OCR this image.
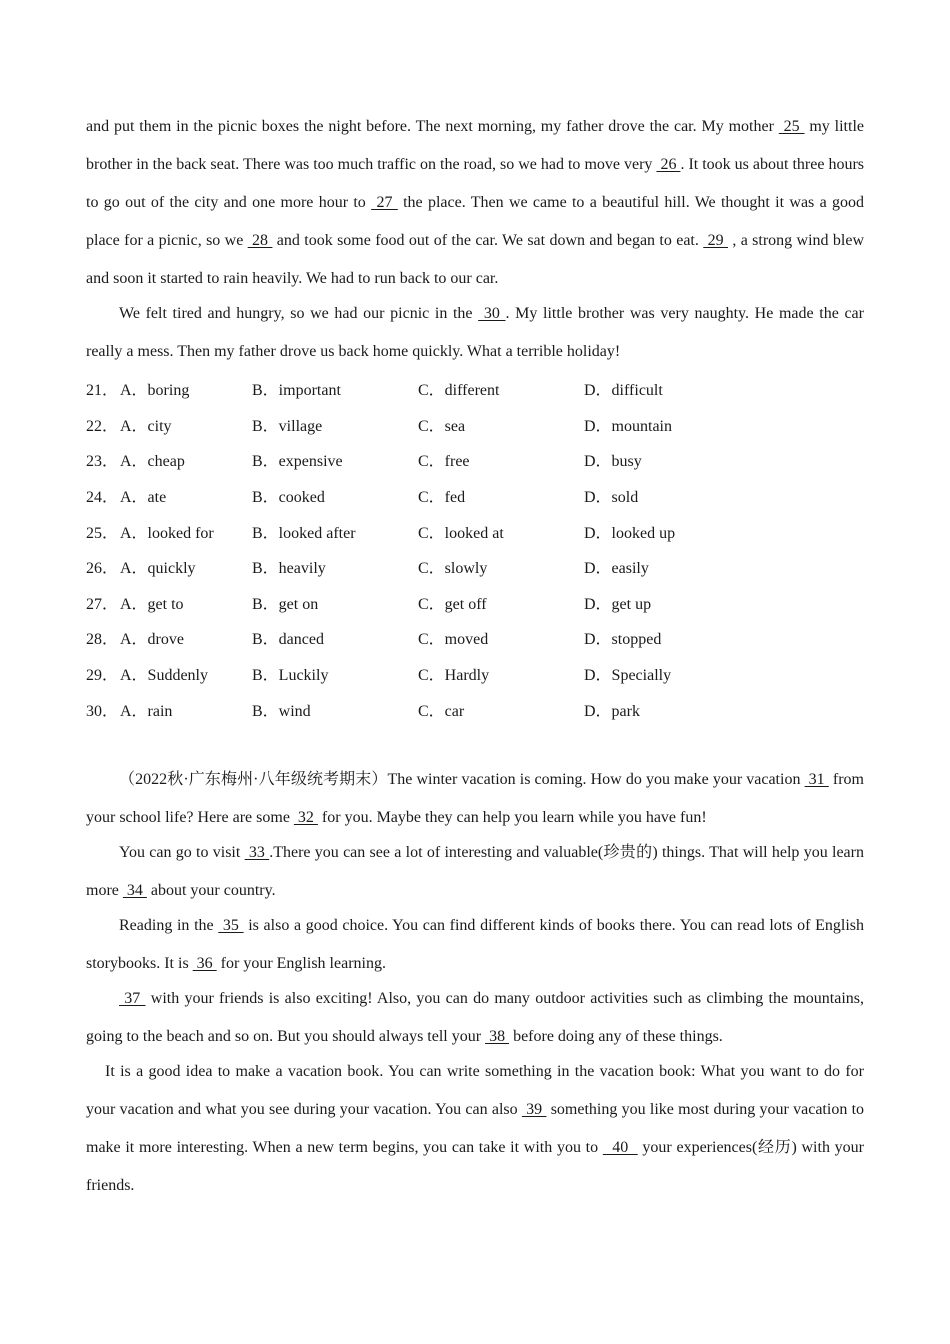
and put them in the picnic boxes the night before. The next morning, my father drove the car. My mother  25  my little brother in the back seat. There was too much traffic on the road, so we had to move very  26 . It took us about three hours to go out of the city and one more hour to  27  the place. Then we came to a beautiful hill. We thought it was a good place for a picnic, so we  28  and took some food out of the car. We sat down and began to eat.  29  , a strong wind blew and soon it started to rain heavily. We had to run back to our car.

We felt tired and hungry, so we had our picnic in the  30 . My little brother was very naughty. He made the car really a mess. Then my father drove us back home quickly. What a terrible holiday!

21． A．boring	B．important	C．different	D．difficult
22． A．city	B．village	C．sea	D．mountain
23． A．cheap	B．expensive	C．free	D．busy
24． A．ate	B．cooked	C．fed	D．sold
25． A．looked for	B．looked after	C．looked at	D．looked up
26． A．quickly	B．heavily	C．slowly	D．easily
27． A．get to	B．get on	C．get off	D．get up
28． A．drove	B．danced	C．moved	D．stopped
29． A．Suddenly	B．Luckily	C．Hardly	D．Specially
30． A．rain	B．wind	C．car	D．park

（2022秋·广东梅州·八年级统考期末）The winter vacation is coming. How do you make your vacation  31  from your school life? Here are some  32  for you. Maybe they can help you learn while you have fun!

You can go to visit  33 .There you can see a lot of interesting and valuable(珍贵的) things. That will help you learn more  34  about your country.

Reading in the  35  is also a good choice. You can find different kinds of books there. You can read lots of English storybooks. It is  36  for your English learning.

37  with your friends is also exciting! Also, you can do many outdoor activities such as climbing the mountains, going to the beach and so on. But you should always tell your  38  before doing any of these things.

It is a good idea to make a vacation book. You can write something in the vacation book: What you want to do for your vacation and what you see during your vacation. You can also  39  something you like most during your vacation to make it more interesting. When a new term begins, you can take it with you to   40   your experiences(经历) with your friends.
